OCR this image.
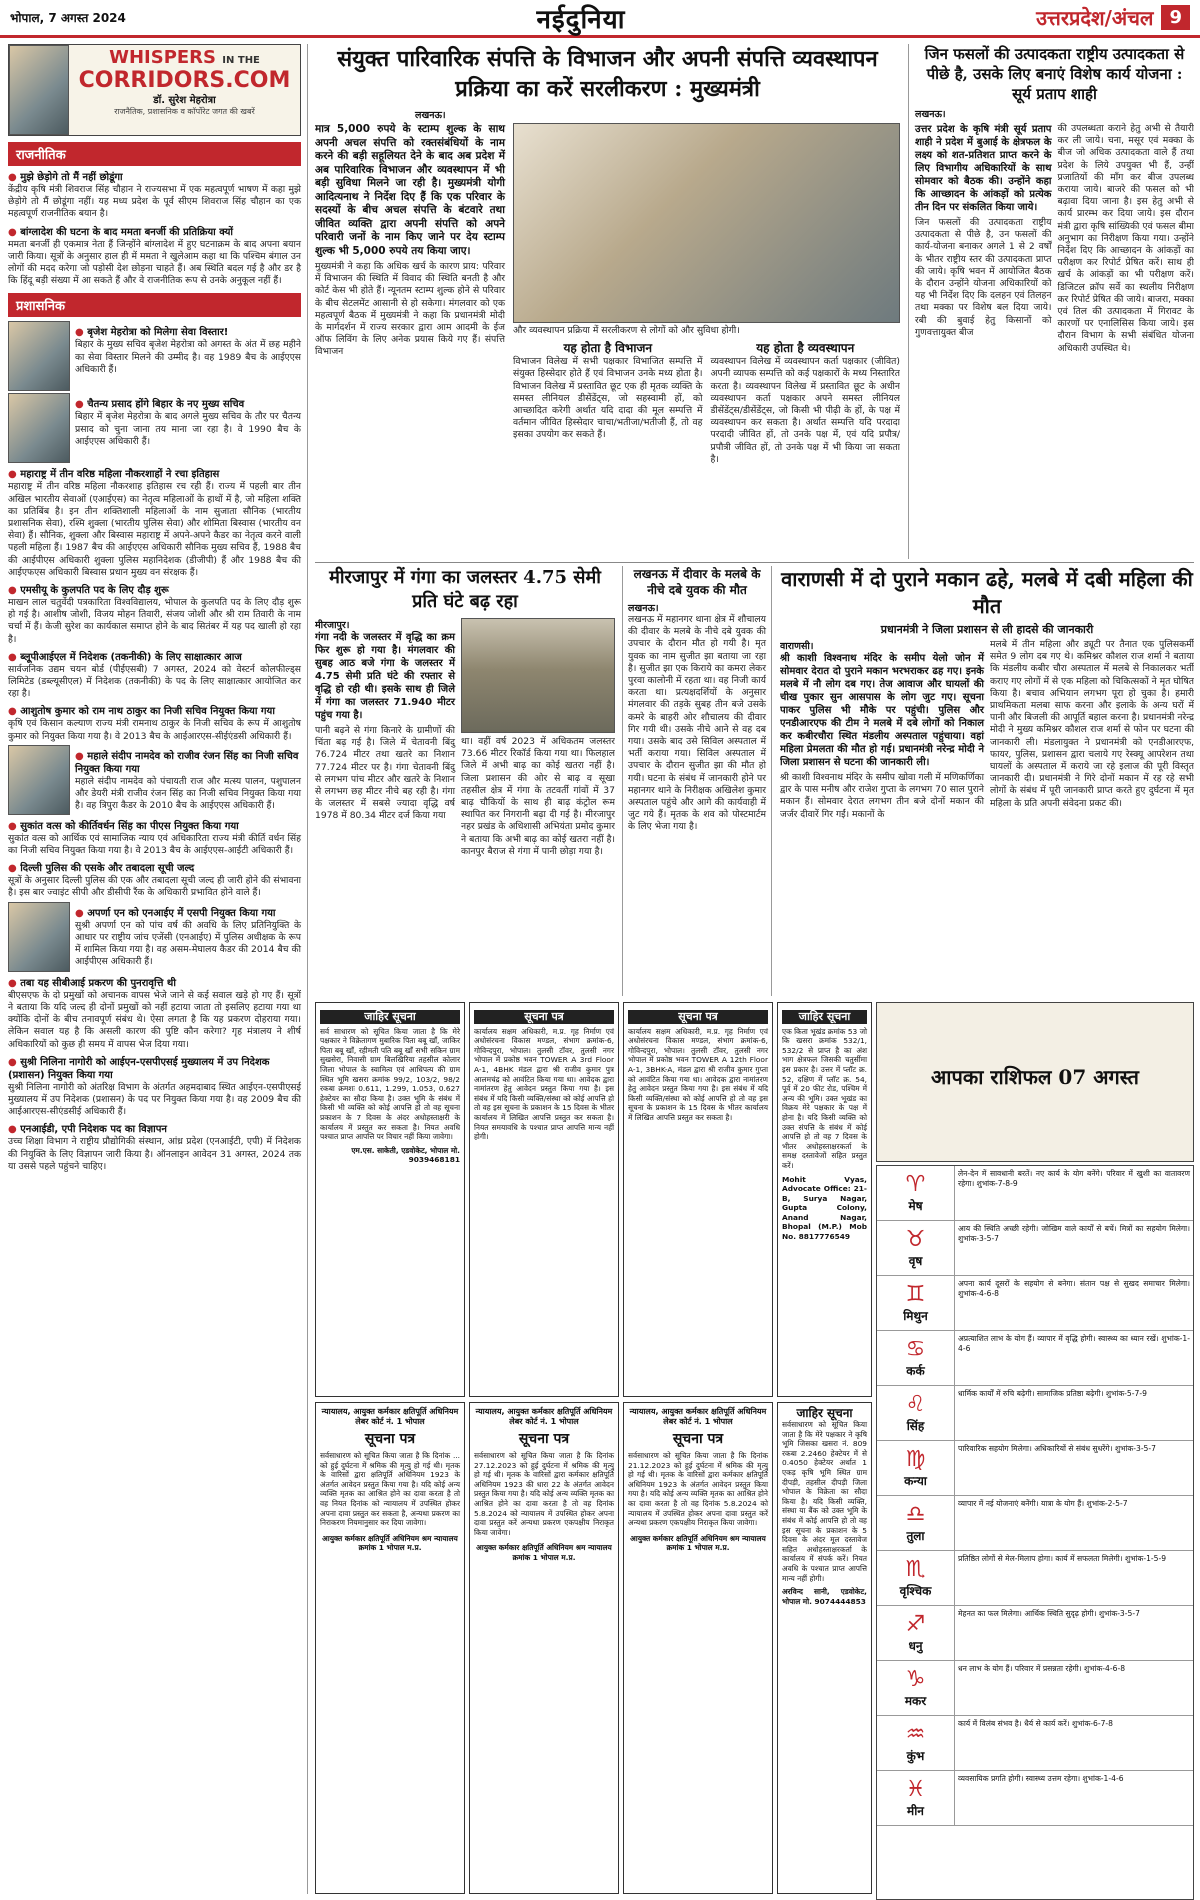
भोपाल, 7 अगस्त 2024	नईदुनिया	उत्तरप्रदेश/अंचल 9
WHISPERS IN THE
CORRIDORS.COM
डॉ. सुरेश मेहरोत्रा
राजनैतिक, प्रशासनिक व कॉर्पोरेट जगत की खबरें
राजनीतिक
● मुझे छेड़ोगे तो मैं नहीं छोडूंगा
केंद्रीय कृषि मंत्री शिवराज सिंह चौहान ने राज्यसभा में एक महत्वपूर्ण भाषण में कहा मुझे छेड़ोगे तो मैं छोडूंगा नहीं। यह मध्य प्रदेश के पूर्व सीएम शिवराज सिंह चौहान का एक महत्वपूर्ण राजनीतिक बयान है।
● बांग्लादेश की घटना के बाद ममता बनर्जी की प्रतिक्रिया क्यों
ममता बनर्जी ही एकमात्र नेता हैं जिन्होंने बांग्लादेश में हुए घटनाक्रम के बाद अपना बयान जारी किया। सूत्रों के अनुसार हाल ही में ममता ने खुलेआम कहा था कि पश्चिम बंगाल उन लोगों की मदद करेगा जो पड़ोसी देश छोड़ना चाहते हैं। अब स्थिति बदल गई है और डर है कि हिंदू बड़ी संख्या में आ सकते हैं और वे राजनीतिक रूप से उनके अनुकूल नहीं हैं।
प्रशासनिक
● बृजेश मेहरोत्रा को मिलेगा सेवा विस्तार!
बिहार के मुख्य सचिव बृजेश मेहरोत्रा को अगस्त के अंत में छह महीने का सेवा विस्तार मिलने की उम्मीद है। वह 1989 बैच के आईएएस अधिकारी हैं।
● चैतन्य प्रसाद होंगे बिहार के नए मुख्य सचिव
बिहार में बृजेश मेहरोत्रा के बाद अगले मुख्य सचिव के तौर पर चैतन्य प्रसाद को चुना जाना तय माना जा रहा है। वे 1990 बैच के आईएएस अधिकारी हैं।
● महाराष्ट्र में तीन वरिष्ठ महिला नौकरशाहों ने रचा इतिहास
महाराष्ट्र में तीन वरिष्ठ महिला नौकरशाह इतिहास रच रही हैं। राज्य में पहली बार तीन अखिल भारतीय सेवाओं (एआईएस) का नेतृत्व महिलाओं के हाथों में है, जो महिला शक्ति का प्रतिबिंब है। इन तीन शक्तिशाली महिलाओं के नाम सुजाता सौनिक (भारतीय प्रशासनिक सेवा), रश्मि शुक्ला (भारतीय पुलिस सेवा) और शोमिता बिस्वास (भारतीय वन सेवा) हैं। सौनिक, शुक्ला और बिस्वास महाराष्ट्र में अपने-अपने कैडर का नेतृत्व करने वाली पहली महिला हैं। 1987 बैच की आईएएस अधिकारी सौनिक मुख्य सचिव हैं, 1988 बैच की आईपीएस अधिकारी शुक्ला पुलिस महानिदेशक (डीजीपी) हैं और 1988 बैच की आईएफएस अधिकारी बिस्वास प्रधान मुख्य वन संरक्षक हैं।
● एमसीयू के कुलपति पद के लिए दौड़ शुरू
माखन लाल चतुर्वेदी पत्रकारिता विश्वविद्यालय, भोपाल के कुलपति पद के लिए दौड़ शुरू हो गई है। आशीष जोशी, विजय मोहन तिवारी, संजय जोशी और श्री राम तिवारी के नाम चर्चा में हैं। केजी सुरेश का कार्यकाल समाप्त होने के बाद सितंबर में यह पद खाली हो रहा है।
● ब्लू्पीआईएल में निदेशक (तकनीकी) के लिए साक्षात्कार आज
सार्वजनिक उद्यम चयन बोर्ड (पीईएसबी) 7 अगस्त, 2024 को वेस्टर्न कोलफील्ड्स लिमिटेड (डब्ल्यूसीएल) में निदेशक (तकनीकी) के पद के लिए साक्षात्कार आयोजित कर रहा है।
● आशुतोष कुमार को राम नाथ ठाकुर का निजी सचिव नियुक्त किया गया
कृषि एवं किसान कल्याण राज्य मंत्री रामनाथ ठाकुर के निजी सचिव के रूप में आशुतोष कुमार को नियुक्त किया गया है। वे 2013 बैच के आईआरएस-सीईएंडसी अधिकारी हैं।
● महाले संदीप नामदेव को राजीव रंजन सिंह का निजी सचिव नियुक्त किया गया
महाले संदीप नामदेव को पंचायती राज और मत्स्य पालन, पशुपालन और डेयरी मंत्री राजीव रंजन सिंह का निजी सचिव नियुक्त किया गया है। वह त्रिपुरा कैडर के 2010 बैच के आईएएस अधिकारी हैं।
● सुकांत वत्स को कीर्तिवर्धन सिंह का पीएस नियुक्त किया गया
सुकांत वत्स को आर्थिक एवं सामाजिक न्याय एवं अधिकारिता राज्य मंत्री कीर्ति वर्धन सिंह का निजी सचिव नियुक्त किया गया है। वे 2013 बैच के आईएएस-आईटी अधिकारी हैं।
● दिल्ली पुलिस की एसके और तबादला सूची जल्द
सूत्रों के अनुसार दिल्ली पुलिस की एक और तबादला सूची जल्द ही जारी होने की संभावना है। इस बार ज्वाइंट सीपी और डीसीपी रैंक के अधिकारी प्रभावित होने वाले हैं।
● अपर्णा एन को एनआईए में एसपी नियुक्त किया गया
सुश्री अपर्णा एन को पांच वर्ष की अवधि के लिए प्रतिनियुक्ति के आधार पर राष्ट्रीय जांच एजेंसी (एनआईए) में पुलिस अधीक्षक के रूप में शामिल किया गया है। वह असम-मेघालय कैडर की 2014 बैच की आईपीएस अधिकारी हैं।
● तबा यह सीबीआई प्रकरण की पुनरावृत्ति थी
बीएसएफ के दो प्रमुखों को अचानक वापस भेजे जाने से कई सवाल खड़े हो गए हैं। सूत्रों ने बताया कि यदि जल्द ही दोनों प्रमुखों को नहीं हटाया जाता तो इसलिए हटाया गया था क्योंकि दोनों के बीच तनावपूर्ण संबंध थे। ऐसा लगता है कि यह प्रकरण दोहराया गया। लेकिन सवाल यह है कि असली कारण की पुष्टि कौन करेगा? गृह मंत्रालय ने शीर्ष अधिकारियों को कुछ ही समय में वापस भेज दिया गया।
● सुश्री निलिना नागोरी को आईएन-एसपीएसई मुख्यालय में उप निदेशक (प्रशासन) नियुक्त किया गया
सुश्री निलिना नागोरी को अंतरिक्ष विभाग के अंतर्गत अहमदाबाद स्थित आईएन-एसपीएसई मुख्यालय में उप निदेशक (प्रशासन) के पद पर नियुक्त किया गया है। वह 2009 बैच की आईआरएस-सीएंडसीई अधिकारी हैं।
● एनआईडी, एपी निदेशक पद का विज्ञापन
उच्च शिक्षा विभाग ने राष्ट्रीय प्रौद्योगिकी संस्थान, आंध्र प्रदेश (एनआईटी, एपी) में निदेशक की नियुक्ति के लिए विज्ञापन जारी किया है। ऑनलाइन आवेदन 31 अगस्त, 2024 तक या उससे पहले पहुंचने चाहिए।
संयुक्त पारिवारिक संपत्ति के विभाजन और अपनी संपत्ति व्यवस्थापन प्रक्रिया का करें सरलीकरण : मुख्यमंत्री
लखनऊ।
मात्र 5,000 रुपये के स्टाम्प शुल्क के साथ अपनी अचल संपत्ति को रक्तसंबंधियों के नाम करने की बड़ी सहूलियत देने के बाद अब प्रदेश में अब पारिवारिक विभाजन और व्यवस्थापन में भी बड़ी सुविधा मिलने जा रही है। मुख्यमंत्री योगी आदित्यनाथ ने निर्देश दिए हैं कि एक परिवार के सदस्यों के बीच अचल संपत्ति के बंटवारे तथा जीवित व्यक्ति द्वारा अपनी संपत्ति को अपने परिवारी जनों के नाम किए जाने पर देय स्टाम्प शुल्क भी 5,000 रुपये तय किया जाए।
मुख्यमंत्री ने कहा कि अधिक खर्च के कारण प्राय: परिवार में विभाजन की स्थिति में विवाद की स्थिति बनती है और कोर्ट केस भी होते हैं। न्यूनतम स्टाम्प शुल्क होने से परिवार के बीच सेटलमेंट आसानी से हो सकेगा। मंगलवार को एक महत्वपूर्ण बैठक में मुख्यमंत्री ने कहा कि प्रधानमंत्री मोदी के मार्गदर्शन में राज्य सरकार द्वारा आम आदमी के ईज ऑफ लिविंग के लिए अनेक प्रयास किये गए हैं। संपत्ति विभाजन
और व्यवस्थापन प्रक्रिया में सरलीकरण से लोगों को और सुविधा होगी।
यह होता है विभाजन
विभाजन विलेख में सभी पक्षकार विभाजित सम्पत्ति में संयुक्त हिस्सेदार होते हैं एवं विभाजन उनके मध्य होता है। विभाजन विलेख में प्रस्तावित छूट एक ही मृतक व्यक्ति के समस्त लीनियल डीसेंडेंट्स, जो सहस्वामी हों, को आच्छादित करेगी अर्थात यदि दादा की मूल सम्पत्ति में वर्तमान जीवित हिस्सेदार चाचा/भतीजा/भतीजी हैं, तो वह इसका उपयोग कर सकते हैं।
यह होता है व्यवस्थापन
व्यवस्थापन विलेख में व्यवस्थापन कर्ता पक्षकार (जीवित) अपनी व्यापक सम्पत्ति को कई पक्षकारों के मध्य निस्तारित करता है। व्यवस्थापन विलेख में प्रस्तावित छूट के अधीन व्यवस्थापन कर्ता पक्षकार अपने समस्त लीनियल डीसेंडेंट्स/डीसेंडेंट्स, जो किसी भी पीढ़ी के हों, के पक्ष में व्यवस्थापन कर सकता है। अर्थात सम्पत्ति यदि परदादा परदादी जीवित हों, तो उनके पक्ष में, एवं यदि प्रपौत्र/प्रपौत्री जीवित हों, तो उनके पक्ष में भी किया जा सकता है।
जिन फसलों की उत्पादकता राष्ट्रीय उत्पादकता से पीछे है, उसके लिए बनाएं विशेष कार्य योजना : सूर्य प्रताप शाही
लखनऊ।
उत्तर प्रदेश के कृषि मंत्री सूर्य प्रताप शाही ने प्रदेश में बुआई के क्षेत्रफल के लक्ष्य को शत-प्रतिशत प्राप्त करने के लिए विभागीय अधिकारियों के साथ सोमवार को बैठक की। उन्होंने कहा कि आच्छादन के आंकड़ों को प्रत्येक तीन दिन पर संकलित किया जाये।
जिन फसलों की उत्पादकता राष्ट्रीय उत्पादकता से पीछे है, उन फसलों की कार्य-योजना बनाकर अगले 1 से 2 वर्षों के भीतर राष्ट्रीय स्तर की उत्पादकता प्राप्त की जाये। कृषि भवन में आयोजित बैठक के दौरान उन्होंने योजना अधिकारियों को यह भी निर्देश दिए कि दलहन एवं तिलहन तथा मक्का पर विशेष बल दिया जाये। रबी की बुवाई हेतु किसानों को गुणवत्तायुक्त बीज
की उपलब्धता कराने हेतु अभी से तैयारी कर ली जाये। चना, मसूर एवं मक्का के बीज जो अधिक उत्पादकता वाले हैं तथा प्रदेश के लिये उपयुक्त भी हैं, उन्हीं प्रजातियों की माँग कर बीज उपलब्ध कराया जाये। बाजरे की फसल को भी बढ़ावा दिया जाना है। इस हेतु अभी से कार्य प्रारम्भ कर दिया जाये। इस दौरान मंत्री द्वारा कृषि सांख्यिकी एवं फसल बीमा अनुभाग का निरीक्षण किया गया। उन्होंने निर्देश दिए कि आच्छादन के आंकड़ों का परीक्षण कर रिपोर्ट प्रेषित करें। साथ ही खर्च के आंकड़ों का भी परीक्षण करें। डिजिटल क्रॉप सर्वे का स्थलीय निरीक्षण कर रिपोर्ट प्रेषित की जाये। बाजरा, मक्का एवं तिल की उत्पादकता में गिरावट के कारणों पर एनालिसिस किया जाये। इस दौरान विभाग के सभी संबंधित योजना अधिकारी उपस्थित थे।
मीरजापुर में गंगा का जलस्तर 4.75 सेमी प्रति घंटे बढ़ रहा
मीरजापुर।
गंगा नदी के जलस्तर में वृद्धि का क्रम फिर शुरू हो गया है। मंगलवार की सुबह आठ बजे गंगा के जलस्तर में 4.75 सेमी प्रति घंटे की रफ्तार से वृद्धि हो रही थी। इसके साथ ही जिले में गंगा का जलस्तर 71.940 मीटर पहुंच गया है।
पानी बढ़ने से गंगा किनारे के ग्रामीणों की चिंता बढ़ गई है। जिले में चेतावनी बिंदु 76.724 मीटर तथा खतरे का निशान 77.724 मीटर पर है। गंगा चेतावनी बिंदु से लगभग पांच मीटर और खतरे के निशान से लगभग छह मीटर नीचे बह रही है। गंगा के जलस्तर में सबसे ज्यादा वृद्धि वर्ष 1978 में 80.34 मीटर दर्ज किया गया
था। वहीं वर्ष 2023 में अधिकतम जलस्तर 73.66 मीटर रिकॉर्ड किया गया था। फिलहाल जिले में अभी बाढ़ का कोई खतरा नहीं है। जिला प्रशासन की ओर से बाढ़ व सूखा तहसील क्षेत्र में गंगा के तटवर्ती गांवों में 37 बाढ़ चौकियों के साथ ही बाढ़ कंट्रोल रूम स्थापित कर निगरानी बढ़ा दी गई है। मीरजापुर नहर प्रखंड के अधिशासी अभियंता प्रमोद कुमार ने बताया कि अभी बाढ़ का कोई खतरा नहीं है। कानपुर बैराज से गंगा में पानी छोड़ा गया है।
लखनऊ में दीवार के मलबे के नीचे दबे युवक की मौत
लखनऊ।
लखनऊ में महानगर थाना क्षेत्र में शौचालय की दीवार के मलबे के नीचे दबे युवक की उपचार के दौरान मौत हो गयी है। मृत युवक का नाम सुजीत झा बताया जा रहा है। सुजीत झा एक किराये का कमरा लेकर पुरवा कालोनी में रहता था। वह निजी कार्य करता था। प्रत्यक्षदर्शियों के अनुसार मंगलवार की तड़के सुबह तीन बजे उसके कमरे के बाहरी ओर शौचालय की दीवार गिर गयी थी। उसके नीचे आने से वह दब गया। उसके बाद उसे सिविल अस्पताल में भर्ती कराया गया। सिविल अस्पताल में उपचार के दौरान सुजीत झा की मौत हो गयी। घटना के संबंध में जानकारी होने पर महानगर थाने के निरीक्षक अखिलेश कुमार अस्पताल पहुंचे और आगे की कार्यवाही में जुट गये हैं। मृतक के शव को पोस्टमार्टम के लिए भेजा गया है।
वाराणसी में दो पुराने मकान ढहे, मलबे में दबी महिला की मौत
प्रधानमंत्री ने जिला प्रशासन से ली हादसे की जानकारी
वाराणसी।
श्री काशी विश्वनाथ मंदिर के समीप येलो जोन में सोमवार देरात दो पुराने मकान भरभराकर ढह गए। इनके मलबे में नौ लोग दब गए। तेज आवाज और घायलों की चीख पुकार सुन आसपास के लोग जुट गए। सूचना पाकर पुलिस भी मौके पर पहुंची। पुलिस और एनडीआरएफ की टीम ने मलबे में दबे लोगों को निकाल कर कबीरचौरा स्थित मंडलीय अस्पताल पहुंचाया। वहां महिला प्रेमलता की मौत हो गई। प्रधानमंत्री नरेन्द्र मोदी ने जिला प्रशासन से घटना की जानकारी ली।
श्री काशी विश्वनाथ मंदिर के समीप खोवा गली में मणिकर्णिका द्वार के पास मनीष और राजेश गुप्ता के लगभग 70 साल पुराने मकान हैं। सोमवार देरात लगभग तीन बजे दोनों मकान की जर्जर दीवारें गिर गईं। मकानों के
मलबे में तीन महिला और ड्यूटी पर तैनात एक पुलिसकर्मी समेत 9 लोग दब गए थे। कमिश्नर कौशल राज शर्मा ने बताया कि मंडलीय कबीर चौरा अस्पताल में मलबे से निकालकर भर्ती कराए गए लोगों में से एक महिला को चिकित्सकों ने मृत घोषित किया है। बचाव अभियान लगभग पूरा हो चुका है। हमारी प्राथमिकता मलबा साफ करना और इलाके के अन्य घरों में पानी और बिजली की आपूर्ति बहाल करना है। प्रधानमंत्री नरेन्द्र मोदी ने मुख्य कमिश्नर कौशल राज शर्मा से फोन पर घटना की जानकारी ली। मंडलायुक्त ने प्रधानमंत्री को एनडीआरएफ, फायर, पुलिस, प्रशासन द्वारा चलाये गए रेस्क्यू आपरेशन तथा घायलों के अस्पताल में कराये जा रहे इलाज की पूरी विस्तृत जानकारी दी। प्रधानमंत्री ने गिरे दोनों मकान में रह रहे सभी लोगों के संबंध में पूरी जानकारी प्राप्त करते हुए दुर्घटना में मृत महिला के प्रति अपनी संवेदना प्रकट की।
जाहिर सूचना
सर्व साधारण को सूचित किया जाता है कि मेरे पक्षकार ने विक्रेतागण मुबारिक पिता बबू खाँ, जाकिर पिता बबू खाँ, रहीमती पति बबू खाँ सभी सकिन ग्राम सुखसेरा, निवासी ग्राम बिलखिरिया तहसील कोलार जिला भोपाल के स्वामित्व एवं आधिपत्य की ग्राम स्थित भूमि खसरा क्रमांक 99/2, 103/2, 98/2 रकबा क्रमशः 0.611, 1.299, 1.053, 0.627 हेक्टेयर का सौदा किया है। उक्त भूमि के संबंध में किसी भी व्यक्ति को कोई आपत्ति हो तो वह सूचना प्रकाशन के 7 दिवस के अंदर अधोहस्ताक्षरी के कार्यालय में प्रस्तुत कर सकता है। नियत अवधि पश्चात प्राप्त आपत्ति पर विचार नहीं किया जावेगा।
एम.एस. साकेती, एडवोकेट, भोपाल मो. 9039468181
सूचना पत्र
कार्यालय सक्षम अधिकारी, म.प्र. गृह निर्माण एवं अधोसंरचना विकास मण्डल, संभाग क्रमांक-6, गोविन्दपुरा, भोपाल। तुलसी टॉवर, तुलसी नगर भोपाल में प्रकोष्ठ भवन TOWER A 3rd Floor A-1, 4BHK मंडल द्वारा श्री राजीव कुमार पुत्र आलमचंद्र को आवंटित किया गया था। आवेदक द्वारा नामांतरण हेतु आवेदन प्रस्तुत किया गया है। इस संबंध में यदि किसी व्यक्ति/संस्था को कोई आपत्ति हो तो वह इस सूचना के प्रकाशन के 15 दिवस के भीतर कार्यालय में लिखित आपत्ति प्रस्तुत कर सकता है। नियत समयावधि के पश्चात प्राप्त आपत्ति मान्य नहीं होगी।
सूचना पत्र
कार्यालय सक्षम अधिकारी, म.प्र. गृह निर्माण एवं अधोसंरचना विकास मण्डल, संभाग क्रमांक-6, गोविन्दपुरा, भोपाल। तुलसी टॉवर, तुलसी नगर भोपाल में प्रकोष्ठ भवन TOWER A 12th Floor A-1, 3BHK-A, मंडल द्वारा श्री राजीव कुमार गुप्ता को आवंटित किया गया था। आवेदक द्वारा नामांतरण हेतु आवेदन प्रस्तुत किया गया है। इस संबंध में यदि किसी व्यक्ति/संस्था को कोई आपत्ति हो तो वह इस सूचना के प्रकाशन के 15 दिवस के भीतर कार्यालय में लिखित आपत्ति प्रस्तुत कर सकता है।
जाहिर सूचना
एक किता भूखंड क्रमांक 53 जो कि खसरा क्रमांक 532/1, 532/2 से प्राप्त है का अंश भाग क्षेत्रफल जिसकी चतुर्सीमा इस प्रकार है। उत्तर में प्लॉट क्र. 52, दक्षिण में प्लॉट क्र. 54, पूर्व में 20 फीट रोड, पश्चिम में अन्य की भूमि। उक्त भूखंड का विक्रय मेरे पक्षकार के पक्ष में होना है। यदि किसी व्यक्ति को उक्त संपत्ति के संबंध में कोई आपत्ति हो तो वह 7 दिवस के भीतर अधोहस्ताक्षरकर्ता के समक्ष दस्तावेजों सहित प्रस्तुत करें।
Mohit Vyas, Advocate Office: 21-B, Surya Nagar, Gupta Colony, Anand Nagar, Bhopal (M.P.) Mob No. 8817776549
न्यायालय, आयुक्त कर्मकार क्षतिपूर्ति अधिनियम लेबर कोर्ट नं. 1 भोपाल
सूचना पत्र
सर्वसाधारण को सूचित किया जाता है कि दिनांक ... को हुई दुर्घटना में श्रमिक की मृत्यु हो गई थी। मृतक के वारिसों द्वारा क्षतिपूर्ति अधिनियम 1923 के अंतर्गत आवेदन प्रस्तुत किया गया है। यदि कोई अन्य व्यक्ति मृतक का आश्रित होने का दावा करता है तो वह नियत दिनांक को न्यायालय में उपस्थित होकर अपना दावा प्रस्तुत कर सकता है, अन्यथा प्रकरण का निराकरण नियमानुसार कर दिया जावेगा।
आयुक्त कर्मकार क्षतिपूर्ति अधिनियम श्रम न्यायालय क्रमांक 1 भोपाल म.प्र.
न्यायालय, आयुक्त कर्मकार क्षतिपूर्ति अधिनियम लेबर कोर्ट नं. 1 भोपाल
सूचना पत्र
सर्वसाधारण को सूचित किया जाता है कि दिनांक 27.12.2023 को हुई दुर्घटना में श्रमिक की मृत्यु हो गई थी। मृतक के वारिसों द्वारा कर्मकार क्षतिपूर्ति अधिनियम 1923 की धारा 22 के अंतर्गत आवेदन प्रस्तुत किया गया है। यदि कोई अन्य व्यक्ति मृतक का आश्रित होने का दावा करता है तो वह दिनांक 5.8.2024 को न्यायालय में उपस्थित होकर अपना दावा प्रस्तुत करें अन्यथा प्रकरण एकपक्षीय निराकृत किया जावेगा।
आयुक्त कर्मकार क्षतिपूर्ति अधिनियम श्रम न्यायालय क्रमांक 1 भोपाल म.प्र.
न्यायालय, आयुक्त कर्मकार क्षतिपूर्ति अधिनियम लेबर कोर्ट नं. 1 भोपाल
सूचना पत्र
सर्वसाधारण को सूचित किया जाता है कि दिनांक 21.12.2023 को हुई दुर्घटना में श्रमिक की मृत्यु हो गई थी। मृतक के वारिसों द्वारा कर्मकार क्षतिपूर्ति अधिनियम 1923 के अंतर्गत आवेदन प्रस्तुत किया गया है। यदि कोई अन्य व्यक्ति मृतक का आश्रित होने का दावा करता है तो वह दिनांक 5.8.2024 को न्यायालय में उपस्थित होकर अपना दावा प्रस्तुत करें अन्यथा प्रकरण एकपक्षीय निराकृत किया जावेगा।
आयुक्त कर्मकार क्षतिपूर्ति अधिनियम श्रम न्यायालय क्रमांक 1 भोपाल म.प्र.
जाहिर सूचना
सर्वसाधारण को सूचित किया जाता है कि मेरे पक्षकार ने कृषि भूमि जिसका खसरा नं. 809 रकबा 2.2460 हेक्टेयर में से 0.4050 हेक्टेयर अर्थात 1 एकड़ कृषि भूमि स्थित ग्राम दीपड़ी, तहसील दीपड़ी जिला भोपाल के विक्रेता का सौदा किया है। यदि किसी व्यक्ति, संस्था या बैंक को उक्त भूमि के संबंध में कोई आपत्ति हो तो वह इस सूचना के प्रकाशन के 5 दिवस के अंदर मूल दस्तावेज सहित अधोहस्ताक्षरकर्ता के कार्यालय में संपर्क करें। नियत अवधि के पश्चात प्राप्त आपत्ति मान्य नहीं होगी।
अरविन्द सानी, एडवोकेट, भोपाल मो. 9074444853
आपका राशिफल 07 अगस्त
♈
मेष
लेन-देन में सावधानी बरतें। नए कार्य के योग बनेंगे। परिवार में खुशी का वातावरण रहेगा। शुभांक-7-8-9
♉
वृष
आय की स्थिति अच्छी रहेगी। जोखिम वाले कार्यों से बचें। मित्रों का सहयोग मिलेगा। शुभांक-3-5-7
♊
मिथुन
अपना कार्य दूसरों के सहयोग से बनेगा। संतान पक्ष से सुखद समाचार मिलेगा। शुभांक-4-6-8
♋
कर्क
अप्रत्याशित लाभ के योग हैं। व्यापार में वृद्धि होगी। स्वास्थ्य का ध्यान रखें। शुभांक-1-4-6
♌
सिंह
धार्मिक कार्यों में रुचि बढ़ेगी। सामाजिक प्रतिष्ठा बढ़ेगी। शुभांक-5-7-9
♍
कन्या
पारिवारिक सहयोग मिलेगा। अधिकारियों से संबंध सुधरेंगे। शुभांक-3-5-7
♎
तुला
व्यापार में नई योजनाएं बनेंगी। यात्रा के योग हैं। शुभांक-2-5-7
♏
वृश्चिक
प्रतिष्ठित लोगों से मेल-मिलाप होगा। कार्य में सफलता मिलेगी। शुभांक-1-5-9
♐
धनु
मेहनत का फल मिलेगा। आर्थिक स्थिति सुदृढ़ होगी। शुभांक-3-5-7
♑
मकर
धन लाभ के योग हैं। परिवार में प्रसन्नता रहेगी। शुभांक-4-6-8
♒
कुंभ
कार्य में विलंब संभव है। धैर्य से कार्य करें। शुभांक-6-7-8
♓
मीन
व्यवसायिक प्रगति होगी। स्वास्थ्य उत्तम रहेगा। शुभांक-1-4-6
